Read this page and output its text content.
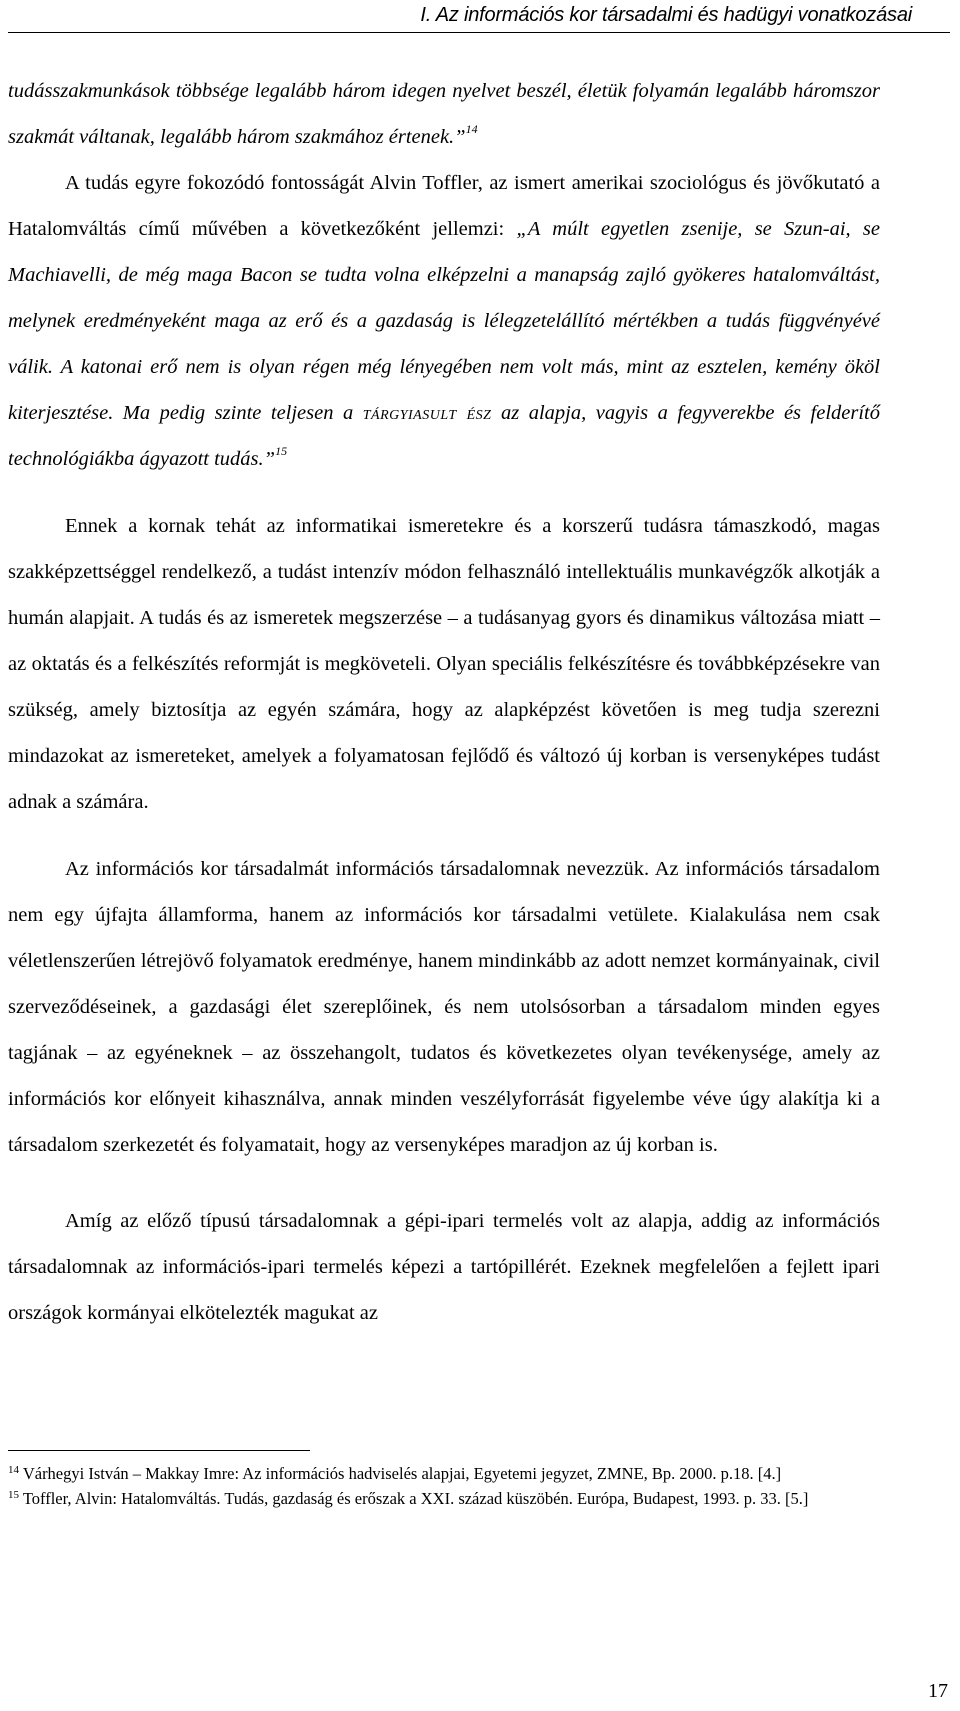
I. Az információs kor társadalmi és hadügyi vonatkozásai

tudásszakmunkások többsége legalább három idegen nyelvet beszél, életük folyamán legalább háromszor szakmát váltanak, legalább három szakmához értenek.”$^{14}$

A tudás egyre fokozódó fontosságát Alvin Toffler, az ismert amerikai szociológus és jövőkutató a Hatalomváltás című művében a következőként jellemzi: „A múlt egyetlen zsenije, se Szun-ai, se Machiavelli, de még maga Bacon se tudta volna elképzelni a manapság zajló gyökeres hatalomváltást, melynek eredményeként maga az erő és a gazdaság is lélegzetelállító mértékben a tudás függvényévé válik. A katonai erő nem is olyan régen még lényegében nem volt más, mint az esztelen, kemény ököl kiterjesztése. Ma pedig szinte teljesen a tárgyiasult ész az alapja, vagyis a fegyverekbe és felderítő technológiákba ágyazott tudás.”$^{15}$

Ennek a kornak tehát az informatikai ismeretekre és a korszerű tudásra támaszkodó, magas szakképzettséggel rendelkező, a tudást intenzív módon felhasználó intellektuális munkavégzők alkotják a humán alapjait. A tudás és az ismeretek megszerzése – a tudásanyag gyors és dinamikus változása miatt – az oktatás és a felkészítés reformját is megköveteli. Olyan speciális felkészítésre és továbbképzésekre van szükség, amely biztosítja az egyén számára, hogy az alapképzést követően is meg tudja szerezni mindazokat az ismereteket, amelyek a folyamatosan fejlődő és változó új korban is versenyképes tudást adnak a számára.

Az információs kor társadalmát információs társadalomnak nevezzük. Az információs társadalom nem egy újfajta államforma, hanem az információs kor társadalmi vetülete. Kialakulása nem csak véletlenszerűen létrejövő folyamatok eredménye, hanem mindinkább az adott nemzet kormányainak, civil szerveződéseinek, a gazdasági élet szereplőinek, és nem utolsósorban a társadalom minden egyes tagjának – az egyéneknek – az összehangolt, tudatos és következetes olyan tevékenysége, amely az információs kor előnyeit kihasználva, annak minden veszélyforrását figyelembe véve úgy alakítja ki a társadalom szerkezetét és folyamatait, hogy az versenyképes maradjon az új korban is.

Amíg az előző típusú társadalomnak a gépi-ipari termelés volt az alapja, addig az információs társadalomnak az információs-ipari termelés képezi a tartópillérét. Ezeknek megfelelően a fejlett ipari országok kormányai elkötelezték magukat az

$^{14}$ Várhegyi István – Makkay Imre: Az információs hadviselés alapjai, Egyetemi jegyzet, ZMNE, Bp. 2000. p.18. [4.]

$^{15}$ Toffler, Alvin: Hatalomváltás. Tudás, gazdaság és erőszak a XXI. század küszöbén. Európa, Budapest, 1993. p. 33. [5.]

17
